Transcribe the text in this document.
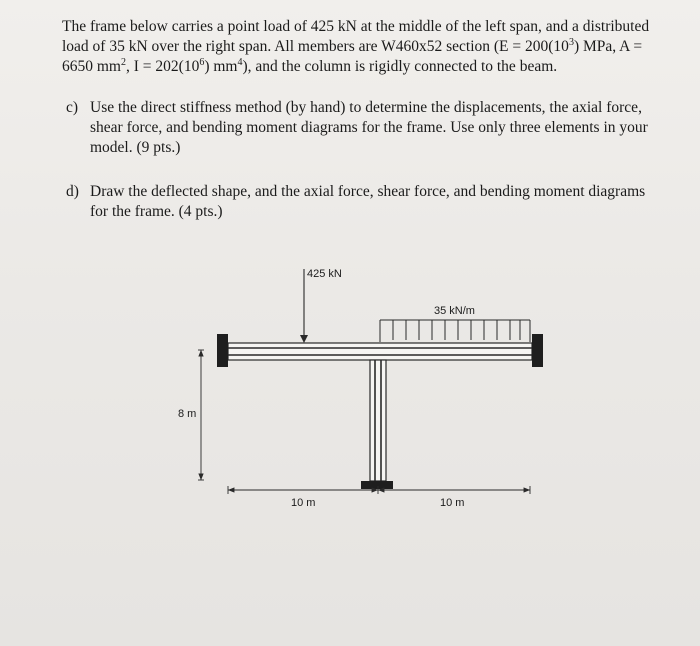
The frame below carries a point load of 425 kN at the middle of the left span, and a distributed load of 35 kN over the right span. All members are W460x52 section ($E = 200(10^3)$ MPa, A = 6650 $mm^2$, $I = 202(10^6)$ $mm^4$), and the column is rigidly connected to the beam.
c) Use the direct stiffness method (by hand) to determine the displacements, the axial force, shear force, and bending moment diagrams for the frame. Use only three elements in your model. (9 pts.)
d) Draw the deflected shape, and the axial force, shear force, and bending moment diagrams for the frame. (4 pts.)
425 kN
35 kN/m
8 m
10 m	10 m
